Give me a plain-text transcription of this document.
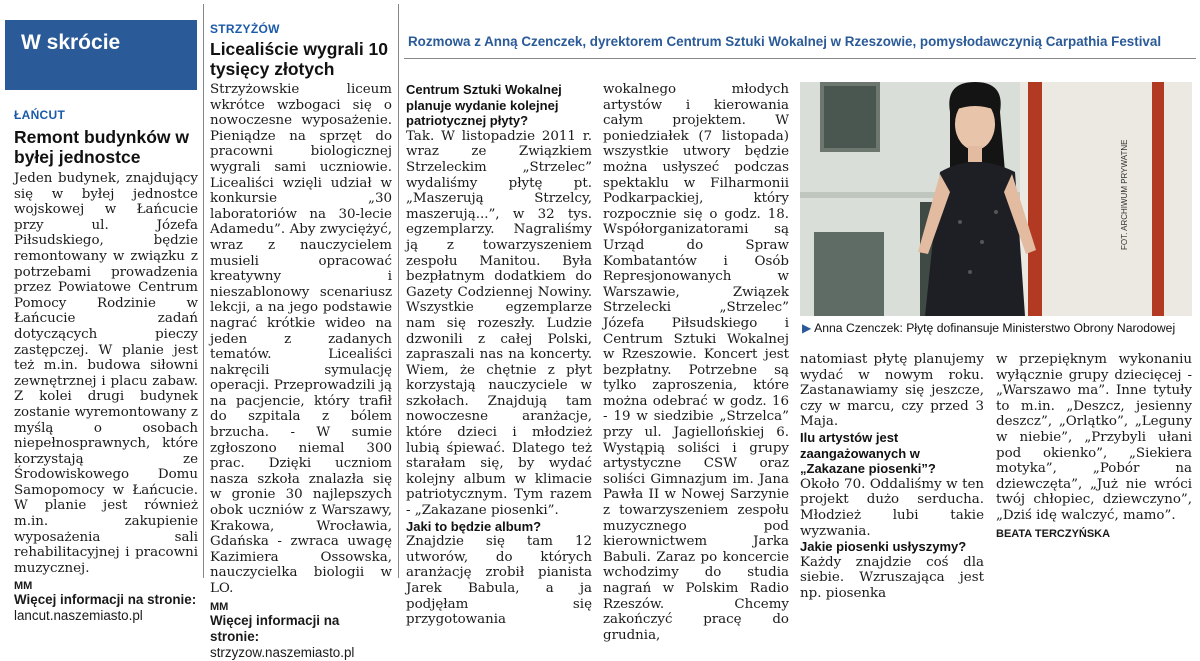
W skrócie
ŁAŃCUT
Remont budynków w byłej jednostce

Jeden budynek, znajdujący się w byłej jednostce wojskowej w Łańcucie przy ul. Józefa Piłsudskiego, będzie remontowany w związku z potrzebami prowadzenia przez Powiatowe Centrum Pomocy Rodzinie w Łańcucie zadań dotyczących pieczy zastępczej. W planie jest też m.in. budowa siłowni zewnętrznej i placu zabaw. Z kolei drugi budynek zostanie wyremontowany z myślą o osobach niepełnosprawnych, które korzystają ze Środowiskowego Domu Samopomocy w Łańcucie. W planie jest również m.in. zakupienie wyposażenia sali rehabilitacyjnej i pracowni muzycznej.

MM
Więcej informacji na stronie:
lancut.naszemiasto.pl
STRZYŻÓW
Licealiście wygrali 10 tysięcy złotych

Strzyżowskie liceum wkrótce wzbogaci się o nowoczesne wyposażenie. Pieniądze na sprzęt do pracowni biologicznej wygrali sami uczniowie. Licealiści wzięli udział w konkursie „30 laboratoriów na 30-lecie Adamedu”. Aby zwyciężyć, wraz z nauczycielem musieli opracować kreatywny i nieszablonowy scenariusz lekcji, a na jego podstawie nagrać krótkie wideo na jeden z zadanych tematów. Licealiści nakręcili symulację operacji. Przeprowadzili ją na pacjencie, który trafił do szpitala z bólem brzucha. - W sumie zgłoszono niemal 300 prac. Dzięki uczniom nasza szkoła znalazła się w gronie 30 najlepszych obok uczniów z Warszawy, Krakowa, Wrocławia, Gdańska - zwraca uwagę Kazimiera Ossowska, nauczycielka biologii w LO.

MM
Więcej informacji na stronie:
strzyzow.naszemiasto.pl
Rozmowa z Anną Czenczek, dyrektorem Centrum Sztuki Wokalnej w Rzeszowie, pomysłodawczynią Carpathia Festival
Centrum Sztuki Wokalnej planuje wydanie kolejnej patriotycznej płyty?

Tak. W listopadzie 2011 r. wraz ze Związkiem Strzeleckim „Strzelec” wydaliśmy płytę pt. „Maszerują Strzelcy, maszerują...”, w 32 tys. egzemplarzy. Nagraliśmy ją z towarzyszeniem zespołu Manitou. Była bezpłatnym dodatkiem do Gazety Codziennej Nowiny. Wszystkie egzemplarze nam się rozeszły. Ludzie dzwonili z całej Polski, zapraszali nas na koncerty. Wiem, że chętnie z płyt korzystają nauczyciele w szkołach. Znajdują tam nowoczesne aranżacje, które dzieci i młodzież lubią śpiewać. Dlatego też starałam się, by wydać kolejny album w klimacie patriotycznym. Tym razem - „Zakazane piosenki”.

Jaki to będzie album?

Znajdzie się tam 12 utworów, do których aranżację zrobił pianista Jarek Babula, a ja podjęłam się przygotowania

wokalnego młodych artystów i kierowania całym projektem. W poniedziałek (7 listopada) wszystkie utwory będzie można usłyszeć podczas spektaklu w Filharmonii Podkarpackiej, który rozpocznie się o godz. 18. Współorganizatorami są Urząd do Spraw Kombatantów i Osób Represjonowanych w Warszawie, Związek Strzelecki „Strzelec” Józefa Piłsudskiego i Centrum Sztuki Wokalnej w Rzeszowie. Koncert jest bezpłatny. Potrzebne są tylko zaproszenia, które można odebrać w godz. 16 - 19 w siedzibie „Strzelca” przy ul. Jagiellońskiej 6. Wystąpią soliści i grupy artystyczne CSW oraz soliści Gimnazjum im. Jana Pawła II w Nowej Sarzynie z towarzyszeniem zespołu muzycznego pod kierownictwem Jarka Babuli. Zaraz po koncercie wchodzimy do studia nagrań w Polskim Radio Rzeszów. Chcemy zakończyć pracę do grudnia,

FOT. ARCHIWUM PRYWATNE
▶ Anna Czenczek: Płytę dofinansuje Ministerstwo Obrony Narodowej

natomiast płytę planujemy wydać w nowym roku. Zastanawiamy się jeszcze, czy w marcu, czy przed 3 Maja.

Ilu artystów jest zaangażowanych w „Zakazane piosenki”?

Około 70. Oddaliśmy w ten projekt dużo serducha. Młodzież lubi takie wyzwania.

Jakie piosenki usłyszymy?

Każdy znajdzie coś dla siebie. Wzruszająca jest np. piosenka

w przepięknym wykonaniu wyłącznie grupy dziecięcej - „Warszawo ma”. Inne tytuły to m.in. „Deszcz, jesienny deszcz”, „Orlątko”, „Leguny w niebie”, „Przybyli ułani pod okienko”, „Siekiera motyka”, „Pobór na dziewczęta”, „Już nie wróci twój chłopiec, dziewczyno”, „Dziś idę walczyć, mamo”.

BEATA TERCZYŃSKA
